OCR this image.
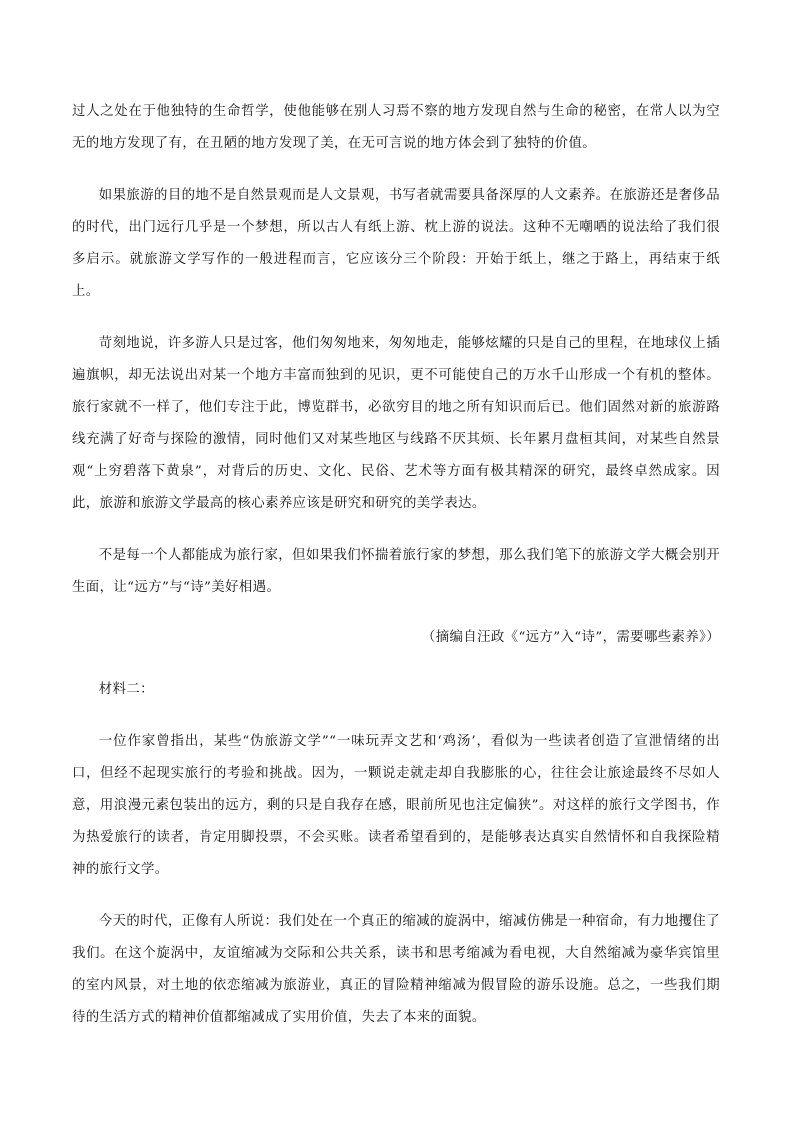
过人之处在于他独特的生命哲学，使他能够在别人习焉不察的地方发现自然与生命的秘密，在常人以为空无的地方发现了有，在丑陋的地方发现了美，在无可言说的地方体会到了独特的价值。

如果旅游的目的地不是自然景观而是人文景观，书写者就需要具备深厚的人文素养。在旅游还是奢侈品的时代，出门远行几乎是一个梦想，所以古人有纸上游、枕上游的说法。这种不无嘲哂的说法给了我们很多启示。就旅游文学写作的一般进程而言，它应该分三个阶段：开始于纸上，继之于路上，再结束于纸上。

苛刻地说，许多游人只是过客，他们匆匆地来，匆匆地走，能够炫耀的只是自己的里程，在地球仪上插遍旗帜，却无法说出对某一个地方丰富而独到的见识，更不可能使自己的万水千山形成一个有机的整体。旅行家就不一样了，他们专注于此，博览群书，必欲穷目的地之所有知识而后已。他们固然对新的旅游路线充满了好奇与探险的激情，同时他们又对某些地区与线路不厌其烦、长年累月盘桓其间，对某些自然景观“上穷碧落下黄泉”，对背后的历史、文化、民俗、艺术等方面有极其精深的研究，最终卓然成家。因此，旅游和旅游文学最高的核心素养应该是研究和研究的美学表达。

不是每一个人都能成为旅行家，但如果我们怀揣着旅行家的梦想，那么我们笔下的旅游文学大概会别开生面，让“远方”与“诗”美好相遇。

（摘编自汪政《“远方”入“诗”，需要哪些素养》）

材料二：

一位作家曾指出，某些“伪旅游文学”“一味玩弄文艺和‘鸡汤’，看似为一些读者创造了宣泄情绪的出口，但经不起现实旅行的考验和挑战。因为，一颗说走就走却自我膨胀的心，往往会让旅途最终不尽如人意，用浪漫元素包装出的远方，剩的只是自我存在感，眼前所见也注定偏狭”。对这样的旅行文学图书，作为热爱旅行的读者，肯定用脚投票，不会买账。读者希望看到的，是能够表达真实自然情怀和自我探险精神的旅行文学。

今天的时代，正像有人所说：我们处在一个真正的缩减的旋涡中，缩减仿佛是一种宿命，有力地攫住了我们。在这个旋涡中，友谊缩减为交际和公共关系，读书和思考缩减为看电视，大自然缩减为豪华宾馆里的室内风景，对土地的依恋缩减为旅游业，真正的冒险精神缩减为假冒险的游乐设施。总之，一些我们期待的生活方式的精神价值都缩减成了实用价值，失去了本来的面貌。
